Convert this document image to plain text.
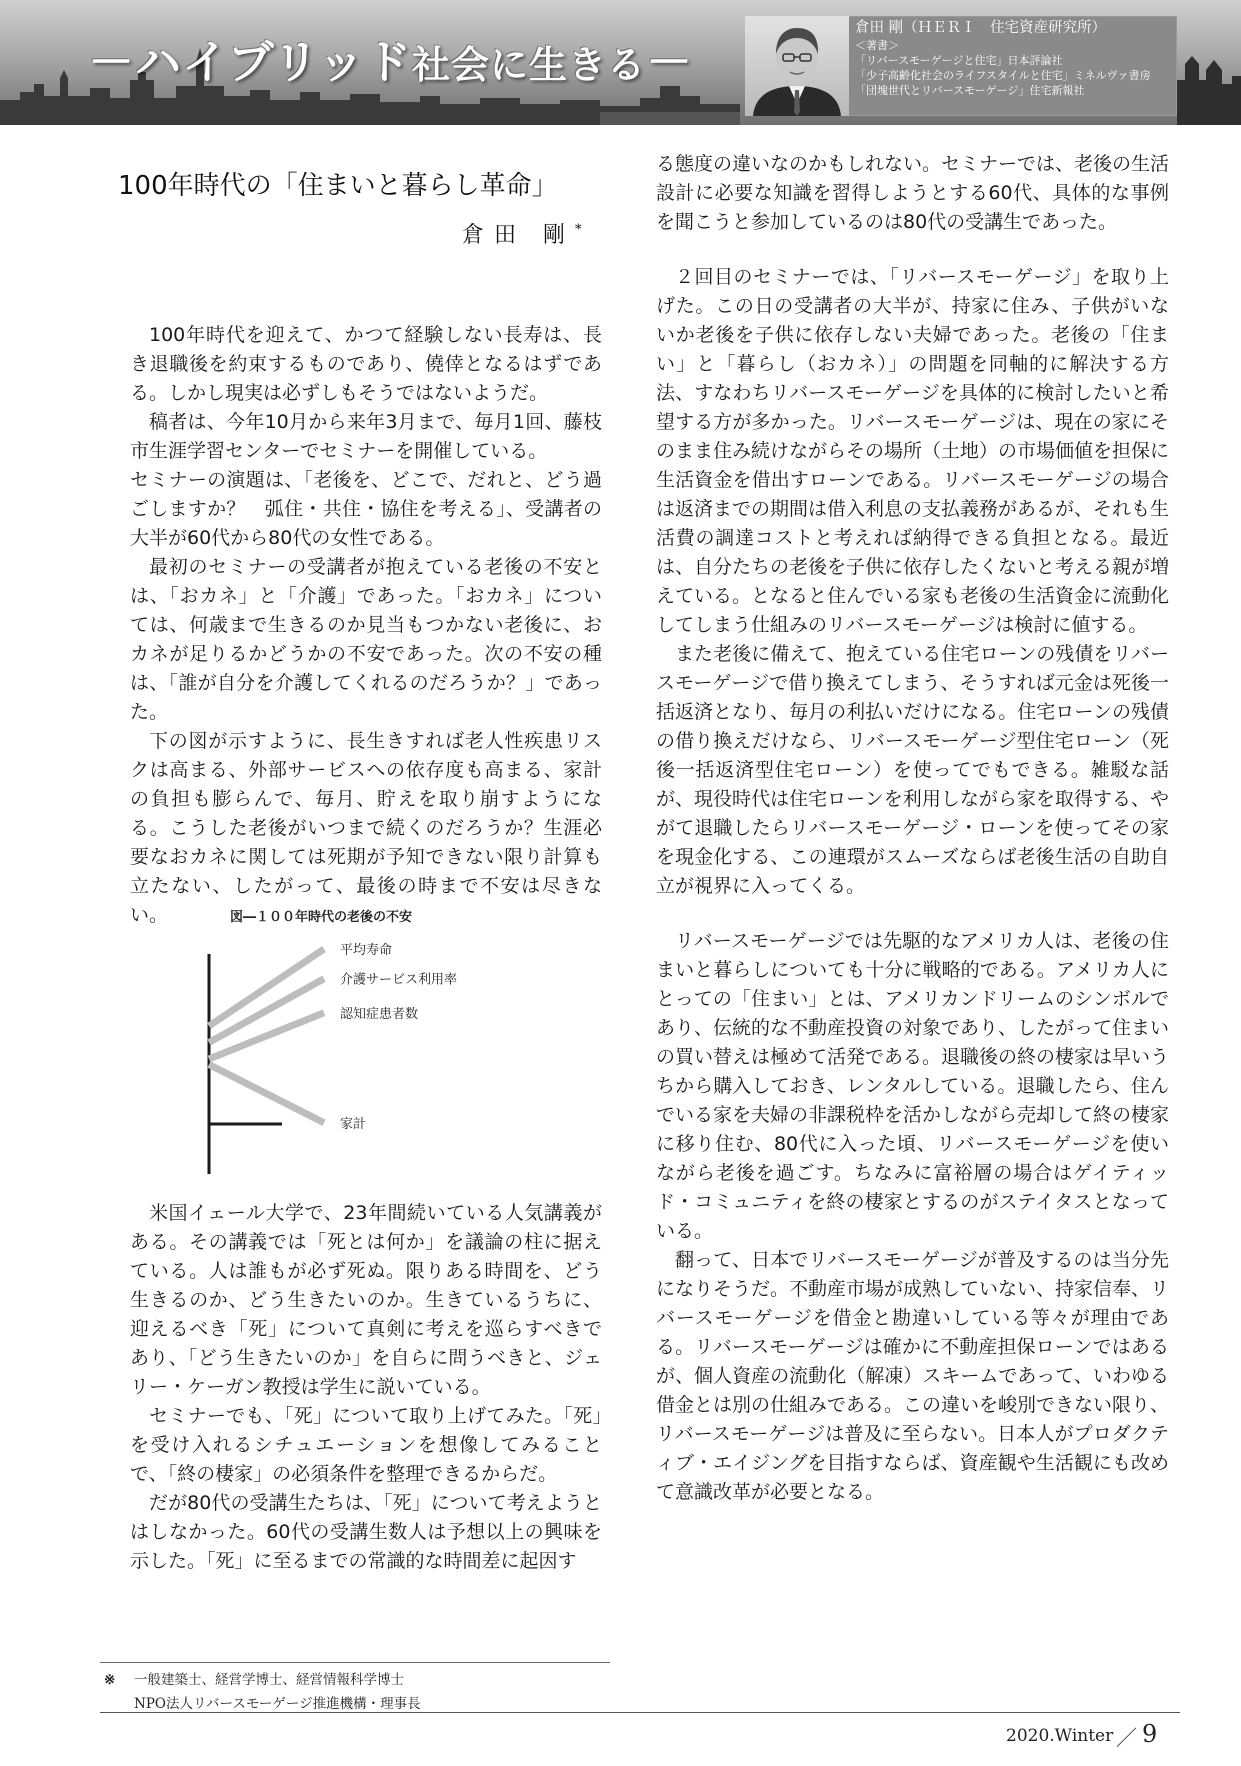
－ハイブリッド社会に生きる－
倉田 剛（ＨＥＲＩ　住宅資産研究所）
＜著書＞
「リバースモーゲージと住宅」日本評論社
「少子高齢化社会のライフスタイルと住宅」ミネルヴァ書房
「団塊世代とリバースモーゲージ」住宅新報社
100年時代の「住まいと暮らし革命」
倉田 剛*

100年時代を迎えて、かつて経験しない長寿は、長き退職後を約束するものであり、僥倖となるはずである。しかし現実は必ずしもそうではないようだ。

稿者は、今年10月から来年3月まで、毎月1回、藤枝市生涯学習センターでセミナーを開催している。

セミナーの演題は、「老後を、どこで、だれと、どう過ごしますか？　弧住・共住・協住を考える」、受講者の大半が60代から80代の女性である。

最初のセミナーの受講者が抱えている老後の不安とは、「おカネ」と「介護」であった。「おカネ」については、何歳まで生きるのか見当もつかない老後に、おカネが足りるかどうかの不安であった。次の不安の種は、「誰が自分を介護してくれるのだろうか？」であった。

下の図が示すように、長生きすれば老人性疾患リスクは高まる、外部サービスへの依存度も高まる、家計の負担も膨らんで、毎月、貯えを取り崩すようになる。こうした老後がいつまで続くのだろうか？生涯必要なおカネに関しては死期が予知できない限り計算も立たない、したがって、最後の時まで不安は尽きない。	図―１００年時代の老後の不安
平均寿命
介護サービス利用率
認知症患者数
家計

米国イェール大学で、23年間続いている人気講義がある。その講義では「死とは何か」を議論の柱に据えている。人は誰もが必ず死ぬ。限りある時間を、どう生きるのか、どう生きたいのか。生きているうちに、迎えるべき「死」について真剣に考えを巡らすべきであり、「どう生きたいのか」を自らに問うべきと、ジェリー・ケーガン教授は学生に説いている。

セミナーでも、「死」について取り上げてみた。「死」を受け入れるシチュエーションを想像してみることで、「終の棲家」の必須条件を整理できるからだ。

だが80代の受講生たちは、「死」について考えようとはしなかった。60代の受講生数人は予想以上の興味を示した。「死」に至るまでの常識的な時間差に起因す

る態度の違いなのかもしれない。セミナーでは、老後の生活設計に必要な知識を習得しようとする60代、具体的な事例を聞こうと参加しているのは80代の受講生であった。

２回目のセミナーでは、「リバースモーゲージ」を取り上げた。この日の受講者の大半が、持家に住み、子供がいないか老後を子供に依存しない夫婦であった。老後の「住まい」と「暮らし（おカネ）」の問題を同軸的に解決する方法、すなわちリバースモーゲージを具体的に検討したいと希望する方が多かった。リバースモーゲージは、現在の家にそのまま住み続けながらその場所（土地）の市場価値を担保に生活資金を借出すローンである。リバースモーゲージの場合は返済までの期間は借入利息の支払義務があるが、それも生活費の調達コストと考えれば納得できる負担となる。最近は、自分たちの老後を子供に依存したくないと考える親が増えている。となると住んでいる家も老後の生活資金に流動化してしまう仕組みのリバースモーゲージは検討に値する。

また老後に備えて、抱えている住宅ローンの残債をリバースモーゲージで借り換えてしまう、そうすれば元金は死後一括返済となり、毎月の利払いだけになる。住宅ローンの残債の借り換えだけなら、リバースモーゲージ型住宅ローン（死後一括返済型住宅ローン）を使ってでもできる。雑駁な話が、現役時代は住宅ローンを利用しながら家を取得する、やがて退職したらリバースモーゲージ・ローンを使ってその家を現金化する、この連環がスムーズならば老後生活の自助自立が視界に入ってくる。

リバースモーゲージでは先駆的なアメリカ人は、老後の住まいと暮らしについても十分に戦略的である。アメリカ人にとっての「住まい」とは、アメリカンドリームのシンボルであり、伝統的な不動産投資の対象であり、したがって住まいの買い替えは極めて活発である。退職後の終の棲家は早いうちから購入しておき、レンタルしている。退職したら、住んでいる家を夫婦の非課税枠を活かしながら売却して終の棲家に移り住む、80代に入った頃、リバースモーゲージを使いながら老後を過ごす。ちなみに富裕層の場合はゲイティッド・コミュニティを終の棲家とするのがステイタスとなっている。

翻って、日本でリバースモーゲージが普及するのは当分先になりそうだ。不動産市場が成熟していない、持家信奉、リバースモーゲージを借金と勘違いしている等々が理由である。リバースモーゲージは確かに不動産担保ローンではあるが、個人資産の流動化（解凍）スキームであって、いわゆる借金とは別の仕組みである。この違いを峻別できない限り、リバースモーゲージは普及に至らない。日本人がプロダクティブ・エイジングを目指すならば、資産観や生活観にも改めて意識改革が必要となる。

※ 一般建築士、経営学博士、経営情報科学博士
NPO法人リバースモーゲージ推進機構・理事長
2020.Winter ／ 9
